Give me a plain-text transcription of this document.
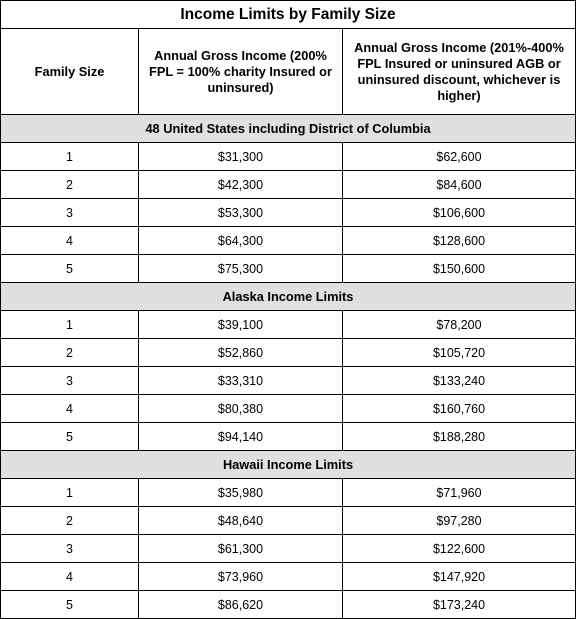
Income Limits by Family Size		
Family Size	Annual Gross Income (200% FPL = 100% charity Insured or uninsured)	Annual Gross Income (201%-400% FPL Insured or uninsured AGB or uninsured discount, whichever is higher)
48 United States including District of Columbia		
1	$31,300	$62,600
2	$42,300	$84,600
3	$53,300	$106,600
4	$64,300	$128,600
5	$75,300	$150,600
Alaska Income Limits		
1	$39,100	$78,200
2	$52,860	$105,720
3	$33,310	$133,240
4	$80,380	$160,760
5	$94,140	$188,280
Hawaii Income Limits		
1	$35,980	$71,960
2	$48,640	$97,280
3	$61,300	$122,600
4	$73,960	$147,920
5	$86,620	$173,240
